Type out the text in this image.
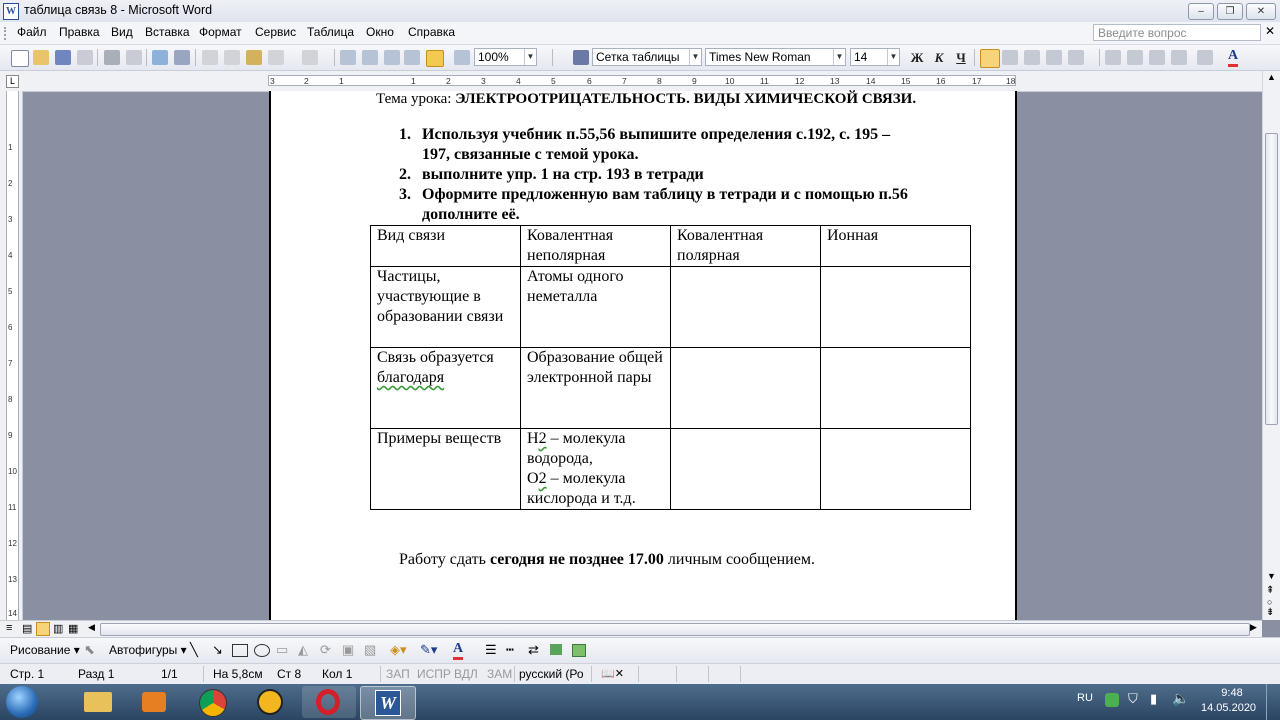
W таблица связь 8 - Microsoft Word	–	❐	✕
Файл Правка Вид Вставка Формат Сервис Таблица Окно Справка	Введите вопрос	✕
100%	▼	Сетка таблицы	▼ Times New Roman	▼ 14	▼ Ж К Ч	A
L	3	2	1	1	2	3	4	5	6	7	8	9	10	11	12	13	14	15	16	17	18
1
2
3
4
5
6
7
8
9
10
11
12
13
14
Тема урока: ЭЛЕКТРООТРИЦАТЕЛЬНОСТЬ. ВИДЫ ХИМИЧЕСКОЙ СВЯЗИ.
1. Используя учебник п.55,56 выпишите определения с.192, с. 195 –
197, связанные с темой урока.
2. выполните упр. 1 на стр. 193 в тетради
3. Оформите предложенную вам таблицу в тетради и с помощью п.56
дополните её.
Вид связи	Ковалентная неполярная	Ковалентная полярная	Ионная
Частицы, участвующие в образовании связи	Атомы одного неметалла		
Связь образуется благодаря	Образование общей электронной пары		
Примеры веществ	Н2 – молекула водорода,
О2 – молекула кислорода и т.д.		
Работу сдать сегодня не позднее 17.00 личным сообщением.
▲
▼
⇞
○
⇟
≡ ▤ ▥ ▦ ◀	▶
Рисование ▾ ⬉ Автофигуры ▾ ╲ ↘	▭ ◭ ⟳ ▣ ▧ ◈▾ ✎▾ A ☰ ┅ ⇄
Стр. 1	Разд 1	1/1	На 5,8см Ст 8 Кол 1	ЗАП ИСПР ВДЛ ЗАМ русский (Ро 📖✕
W	RU	⛉ ▮ 🔈	9:48
14.05.2020
